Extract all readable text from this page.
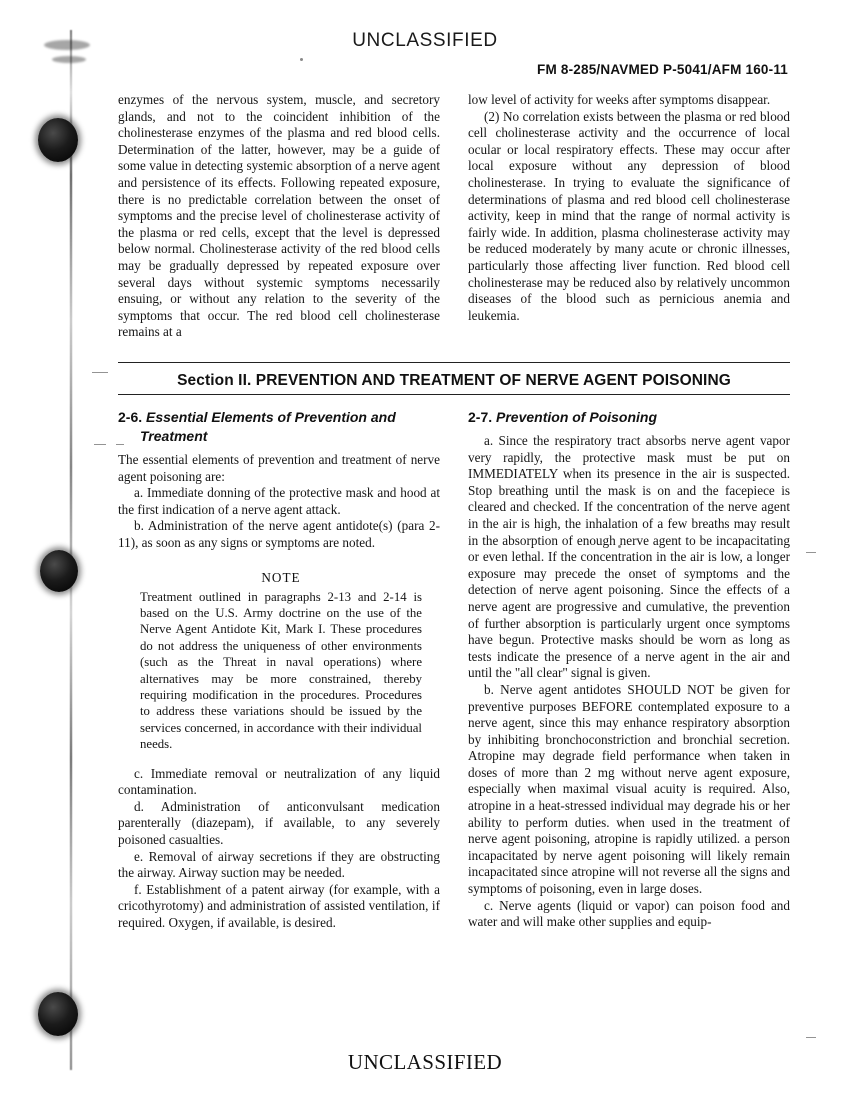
UNCLASSIFIED
FM 8-285/NAVMED P-5041/AFM 160-11

enzymes of the nervous system, muscle, and secretory glands, and not to the coincident inhibition of the cholinesterase enzymes of the plasma and red blood cells. Determination of the latter, however, may be a guide of some value in detecting systemic absorption of a nerve agent and persistence of its effects. Following repeated exposure, there is no predictable correlation between the onset of symptoms and the precise level of cholinesterase activity of the plasma or red cells, except that the level is depressed below normal. Cholinesterase activity of the red blood cells may be gradually depressed by repeated exposure over several days without systemic symptoms necessarily ensuing, or without any relation to the severity of the symptoms that occur. The red blood cell cholinesterase remains at a

low level of activity for weeks after symptoms disappear.

(2) No correlation exists between the plasma or red blood cell cholinesterase activity and the occurrence of local ocular or local respiratory effects. These may occur after local exposure without any depression of blood cholinesterase. In trying to evaluate the significance of determinations of plasma and red blood cell cholinesterase activity, keep in mind that the range of normal activity is fairly wide. In addition, plasma cholinesterase activity may be reduced moderately by many acute or chronic illnesses, particularly those affecting liver function. Red blood cell cholinesterase may be reduced also by relatively uncommon diseases of the blood such as pernicious anemia and leukemia.

Section II. PREVENTION AND TREATMENT OF NERVE AGENT POISONING
2-6. Essential Elements of Prevention and Treatment

The essential elements of prevention and treatment of nerve agent poisoning are:

a. Immediate donning of the protective mask and hood at the first indication of a nerve agent attack.

b. Administration of the nerve agent antidote(s) (para 2-11), as soon as any signs or symptoms are noted.

NOTE

Treatment outlined in paragraphs 2-13 and 2-14 is based on the U.S. Army doctrine on the use of the Nerve Agent Antidote Kit, Mark I. These procedures do not address the uniqueness of other environments (such as the Threat in naval operations) where alternatives may be more constrained, thereby requiring modification in the procedures. Procedures to address these variations should be issued by the services concerned, in accordance with their individual needs.

c. Immediate removal or neutralization of any liquid contamination.

d. Administration of anticonvulsant medication parenterally (diazepam), if available, to any severely poisoned casualties.

e. Removal of airway secretions if they are obstructing the airway. Airway suction may be needed.

f. Establishment of a patent airway (for example, with a cricothyrotomy) and administration of assisted ventilation, if required. Oxygen, if available, is desired.

2-7. Prevention of Poisoning

a. Since the respiratory tract absorbs nerve agent vapor very rapidly, the protective mask must be put on IMMEDIATELY when its presence in the air is suspected. Stop breathing until the mask is on and the facepiece is cleared and checked. If the concentration of the nerve agent in the air is high, the inhalation of a few breaths may result in the absorption of enough nerve agent to be incapacitating or even lethal. If the concentration in the air is low, a longer exposure may precede the onset of symptoms and the detection of nerve agent poisoning. Since the effects of a nerve agent are progressive and cumulative, the prevention of further absorption is particularly urgent once symptoms have begun. Protective masks should be worn as long as tests indicate the presence of a nerve agent in the air and until the "all clear" signal is given.

b. Nerve agent antidotes SHOULD NOT be given for preventive purposes BEFORE contemplated exposure to a nerve agent, since this may enhance respiratory absorption by inhibiting bronchoconstriction and bronchial secretion. Atropine may degrade field performance when taken in doses of more than 2 mg without nerve agent exposure, especially when maximal visual acuity is required. Also, atropine in a heat-stressed individual may degrade his or her ability to perform duties. when used in the treatment of nerve agent poisoning, atropine is rapidly utilized. a person incapacitated by nerve agent poisoning will likely remain incapacitated since atropine will not reverse all the signs and symptoms of poisoning, even in large doses.

c. Nerve agents (liquid or vapor) can poison food and water and will make other supplies and equip-

UNCLASSIFIED
